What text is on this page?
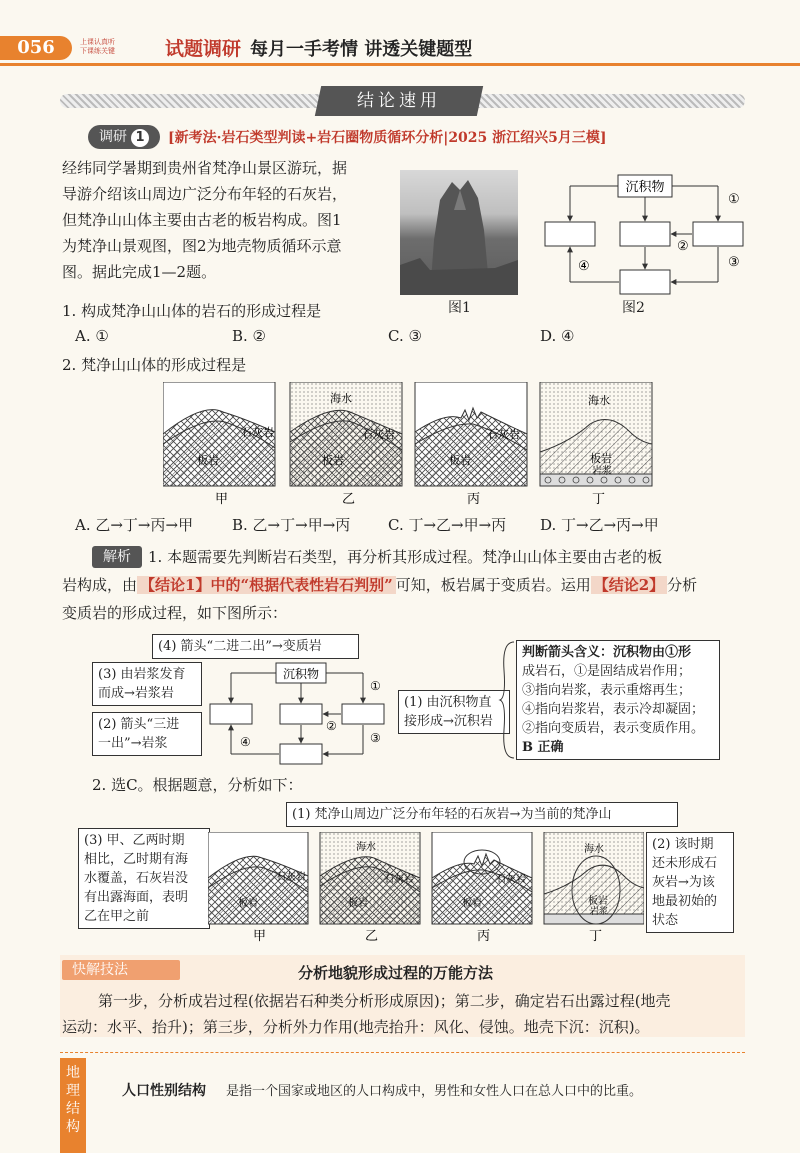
056	上课认真听
下课练关键	试题调研 每月一手考情 讲透关键题型
结论速用
调研 1	[新考法·岩石类型判读+岩石圈物质循环分析|2025 浙江绍兴5月三模]
经纬同学暑期到贵州省梵净山景区游玩，据
导游介绍该山周边广泛分布年轻的石灰岩，
但梵净山山体主要由古老的板岩构成。图1
为梵净山景观图，图2为地壳物质循环示意
图。据此完成1—2题。
图1
沉积物
①
②
③
④
图2
1. 构成梵净山山体的岩石的形成过程是
A. ①	B. ②	C. ③	D. ④
2. 梵净山山体的形成过程是
石灰岩
板岩
甲
海水
石灰岩
板岩
乙
石灰岩
板岩
丙
海水
板岩
岩浆
丁
A. 乙→丁→丙→甲	B. 乙→丁→甲→丙	C. 丁→乙→甲→丙 D. 丁→乙→丙→甲
解析	1. 本题需要先判断岩石类型，再分析其形成过程。梵净山山体主要由古老的板
岩构成，由 【结论1】中的“根据代表性岩石判别” 可知，板岩属于变质岩。运用 【结论2】 分析
变质岩的形成过程，如下图所示：
(4) 箭头“二进二出”→变质岩
(3) 由岩浆发育
而成→岩浆岩
(2) 箭头“三进
一出”→岩浆
(1) 由沉积物直
接形成→沉积岩
沉积物
①
②
③
④
判断箭头含义：沉积物由①形
成岩石，①是固结成岩作用；
③指向岩浆，表示重熔再生；
④指向岩浆岩，表示冷却凝固；
②指向变质岩，表示变质作用。
B 正确
2. 选C。根据题意，分析如下：
(1) 梵净山周边广泛分布年轻的石灰岩→为当前的梵净山
(3) 甲、乙两时期
相比，乙时期有海
水覆盖，石灰岩没
有出露海面，表明
乙在甲之前
(2) 该时期
还未形成石
灰岩→为该
地最初始的
状态
石灰岩
板岩
甲
海水
石灰岩
板岩
乙
石灰岩
板岩
丙
海水
板岩
岩浆
丁
快解技法	分析地貌形成过程的万能方法
第一步，分析成岩过程(依据岩石种类分析形成原因)；第二步，确定岩石出露过程(地壳
运动：水平、抬升)；第三步，分析外力作用(地壳抬升：风化、侵蚀。地壳下沉：沉积)。
地理结构
人口性别结构 是指一个国家或地区的人口构成中，男性和女性人口在总人口中的比重。
